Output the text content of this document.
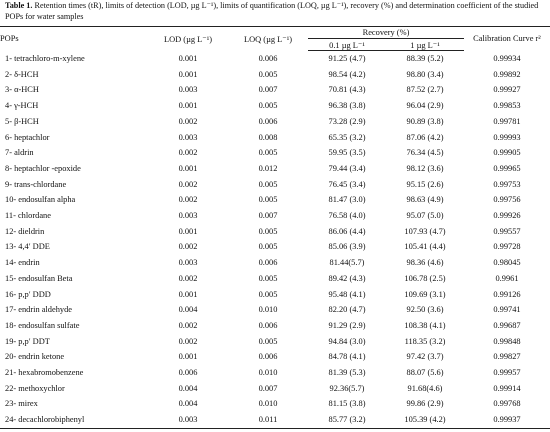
Table 1. Retention times (tR), limits of detection (LOD, µg L⁻¹), limits of quantification (LOQ, µg L⁻¹), recovery (%) and determination coefficient of the studied POPs for water samples
POPs	LOD (µg L⁻¹)	LOQ (µg L⁻¹)	Recovery (%)		Calibration Curve r²
			0.1 µg L⁻¹	1 µg L⁻¹	
1- tetrachloro-m-xylene	0.001	0.006	91.25 (4.7)	88.39 (5.2)	0.99934
2- δ-HCH	0.001	0.005	98.54 (4.2)	98.80 (3.4)	0.99892
3- α-HCH	0.003	0.007	70.81 (4.3)	87.52 (2.7)	0.99927
4- γ-HCH	0.001	0.005	96.38 (3.8)	96.04 (2.9)	0.99853
5- β-HCH	0.002	0.006	73.28 (2.9)	90.89 (3.8)	0.99781
6- heptachlor	0.003	0.008	65.35 (3.2)	87.06 (4.2)	0.99993
7- aldrin	0.002	0.005	59.95 (3.5)	76.34 (4.5)	0.99905
8- heptachlor -epoxide	0.001	0.012	79.44 (3.4)	98.12 (3.6)	0.99965
9- trans-chlordane	0.002	0.005	76.45 (3.4)	95.15 (2.6)	0.99753
10- endosulfan alpha	0.002	0.005	81.47 (3.0)	98.63 (4.9)	0.99756
11- chlordane	0.003	0.007	76.58 (4.0)	95.07 (5.0)	0.99926
12- dieldrin	0.001	0.005	86.06 (4.4)	107.93 (4.7)	0.99557
13- 4,4′ DDE	0.002	0.005	85.06 (3.9)	105.41 (4.4)	0.99728
14- endrin	0.003	0.006	81.44(5.7)	98.36 (4.6)	0.98045
15- endosulfan Beta	0.002	0.005	89.42 (4.3)	106.78 (2.5)	0.9961
16- p,p′ DDD	0.001	0.005	95.48 (4.1)	109.69 (3.1)	0.99126
17- endrin aldehyde	0.004	0.010	82.20 (4.7)	92.50 (3.6)	0.99741
18- endosulfan sulfate	0.002	0.006	91.29 (2.9)	108.38 (4.1)	0.99687
19- p,p′ DDT	0.002	0.005	94.84 (3.0)	118.35 (3.2)	0.99848
20- endrin ketone	0.001	0.006	84.78 (4.1)	97.42 (3.7)	0.99827
21- hexabromobenzene	0.006	0.010	81.39 (5.3)	88.07 (5.6)	0.99957
22- methoxychlor	0.004	0.007	92.36(5.7)	91.68(4.6)	0.99914
23- mirex	0.004	0.010	81.15 (3.8)	99.86 (2.9)	0.99768
24- decachlorobiphenyl	0.003	0.011	85.77 (3.2)	105.39 (4.2)	0.99937
